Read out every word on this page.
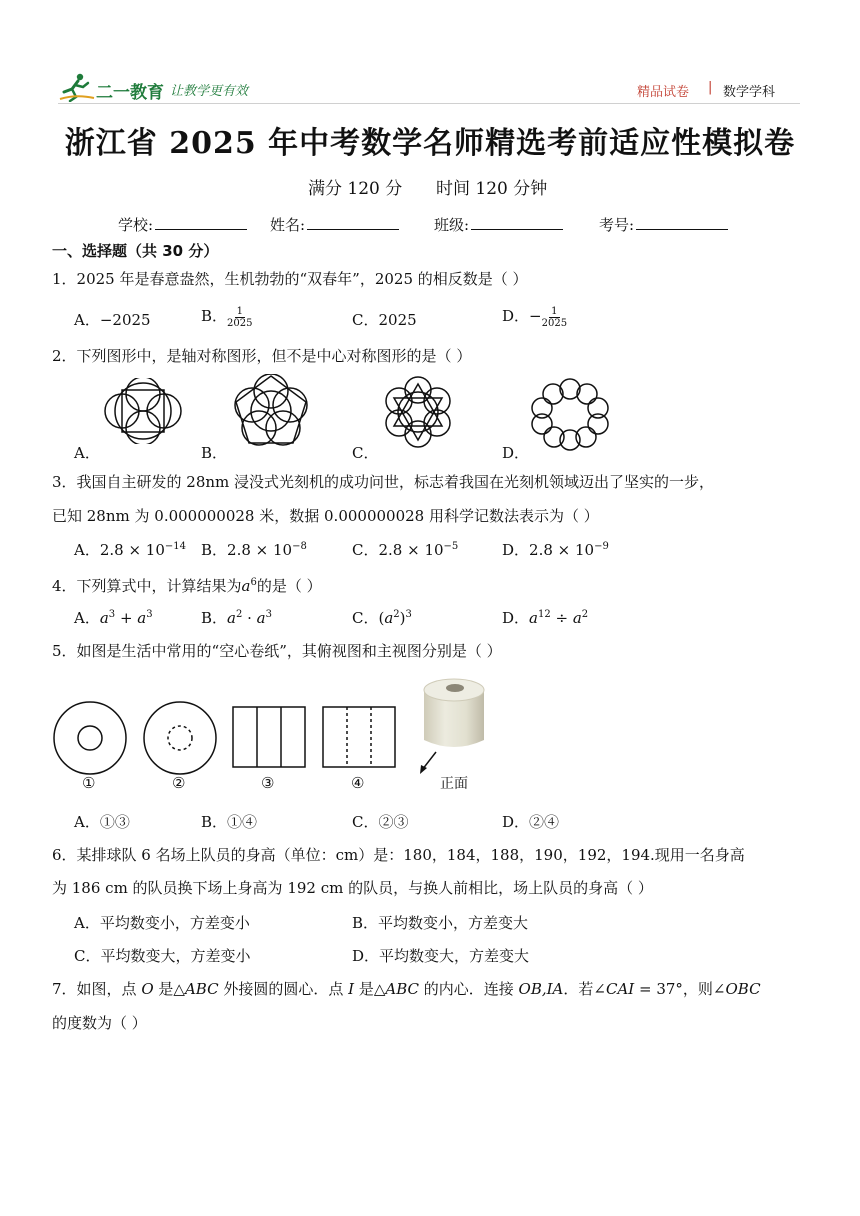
二一教育 让教学更有效	精品试卷 | 数学学科
浙江省 2025 年中考数学名师精选考前适应性模拟卷
满分 120 分 时间 120 分钟
学校:	姓名:	班级:	考号:
一、选择题（共 30 分）
1．2025 年是春意盎然，生机勃勃的“双春年”，2025 的相反数是（ ）
A．−2025	B． $\frac{1}{2025}$	C．2025	D．− $\frac{1}{2025}$
2．下列图形中，是轴对称图形，但不是中心对称图形的是（ ）
A．	B．	C．	D．
3．我国自主研发的 28nm 浸没式光刻机的成功问世，标志着我国在光刻机领域迈出了坚实的一步，
已知 28nm 为 0.000000028 米，数据 0.000000028 用科学记数法表示为（ ）
A．$2.8 \times 10^{-14}$ B．$2.8 \times 10^{-8}$	C．$2.8 \times 10^{-5}$	D．$2.8 \times 10^{-9}$
4．下列算式中，计算结果为$a^6$的是（ ）
A．$a^3 + a^3$	B．$a^2 \cdot a^3$	C．$(a^2)^3$	D．$a^{12} \div a^2$
5．如图是生活中常用的“空心卷纸”，其俯视图和主视图分别是（ ）
正面
①	②	③	④
A．①③	B．①④	C．②③	D．②④
6．某排球队 6 名场上队员的身高（单位：cm）是：180，184，188，190，192，194.现用一名身高
为 186 cm 的队员换下场上身高为 192 cm 的队员，与换人前相比，场上队员的身高（ ）
A．平均数变小，方差变小	B．平均数变小，方差变大
C．平均数变大，方差变小	D．平均数变大，方差变大
7．如图，点 O 是△ABC 外接圆的圆心．点 I 是△ABC 的内心．连接 OB,IA．若∠CAI = 37°，则∠OBC
的度数为（ ）
